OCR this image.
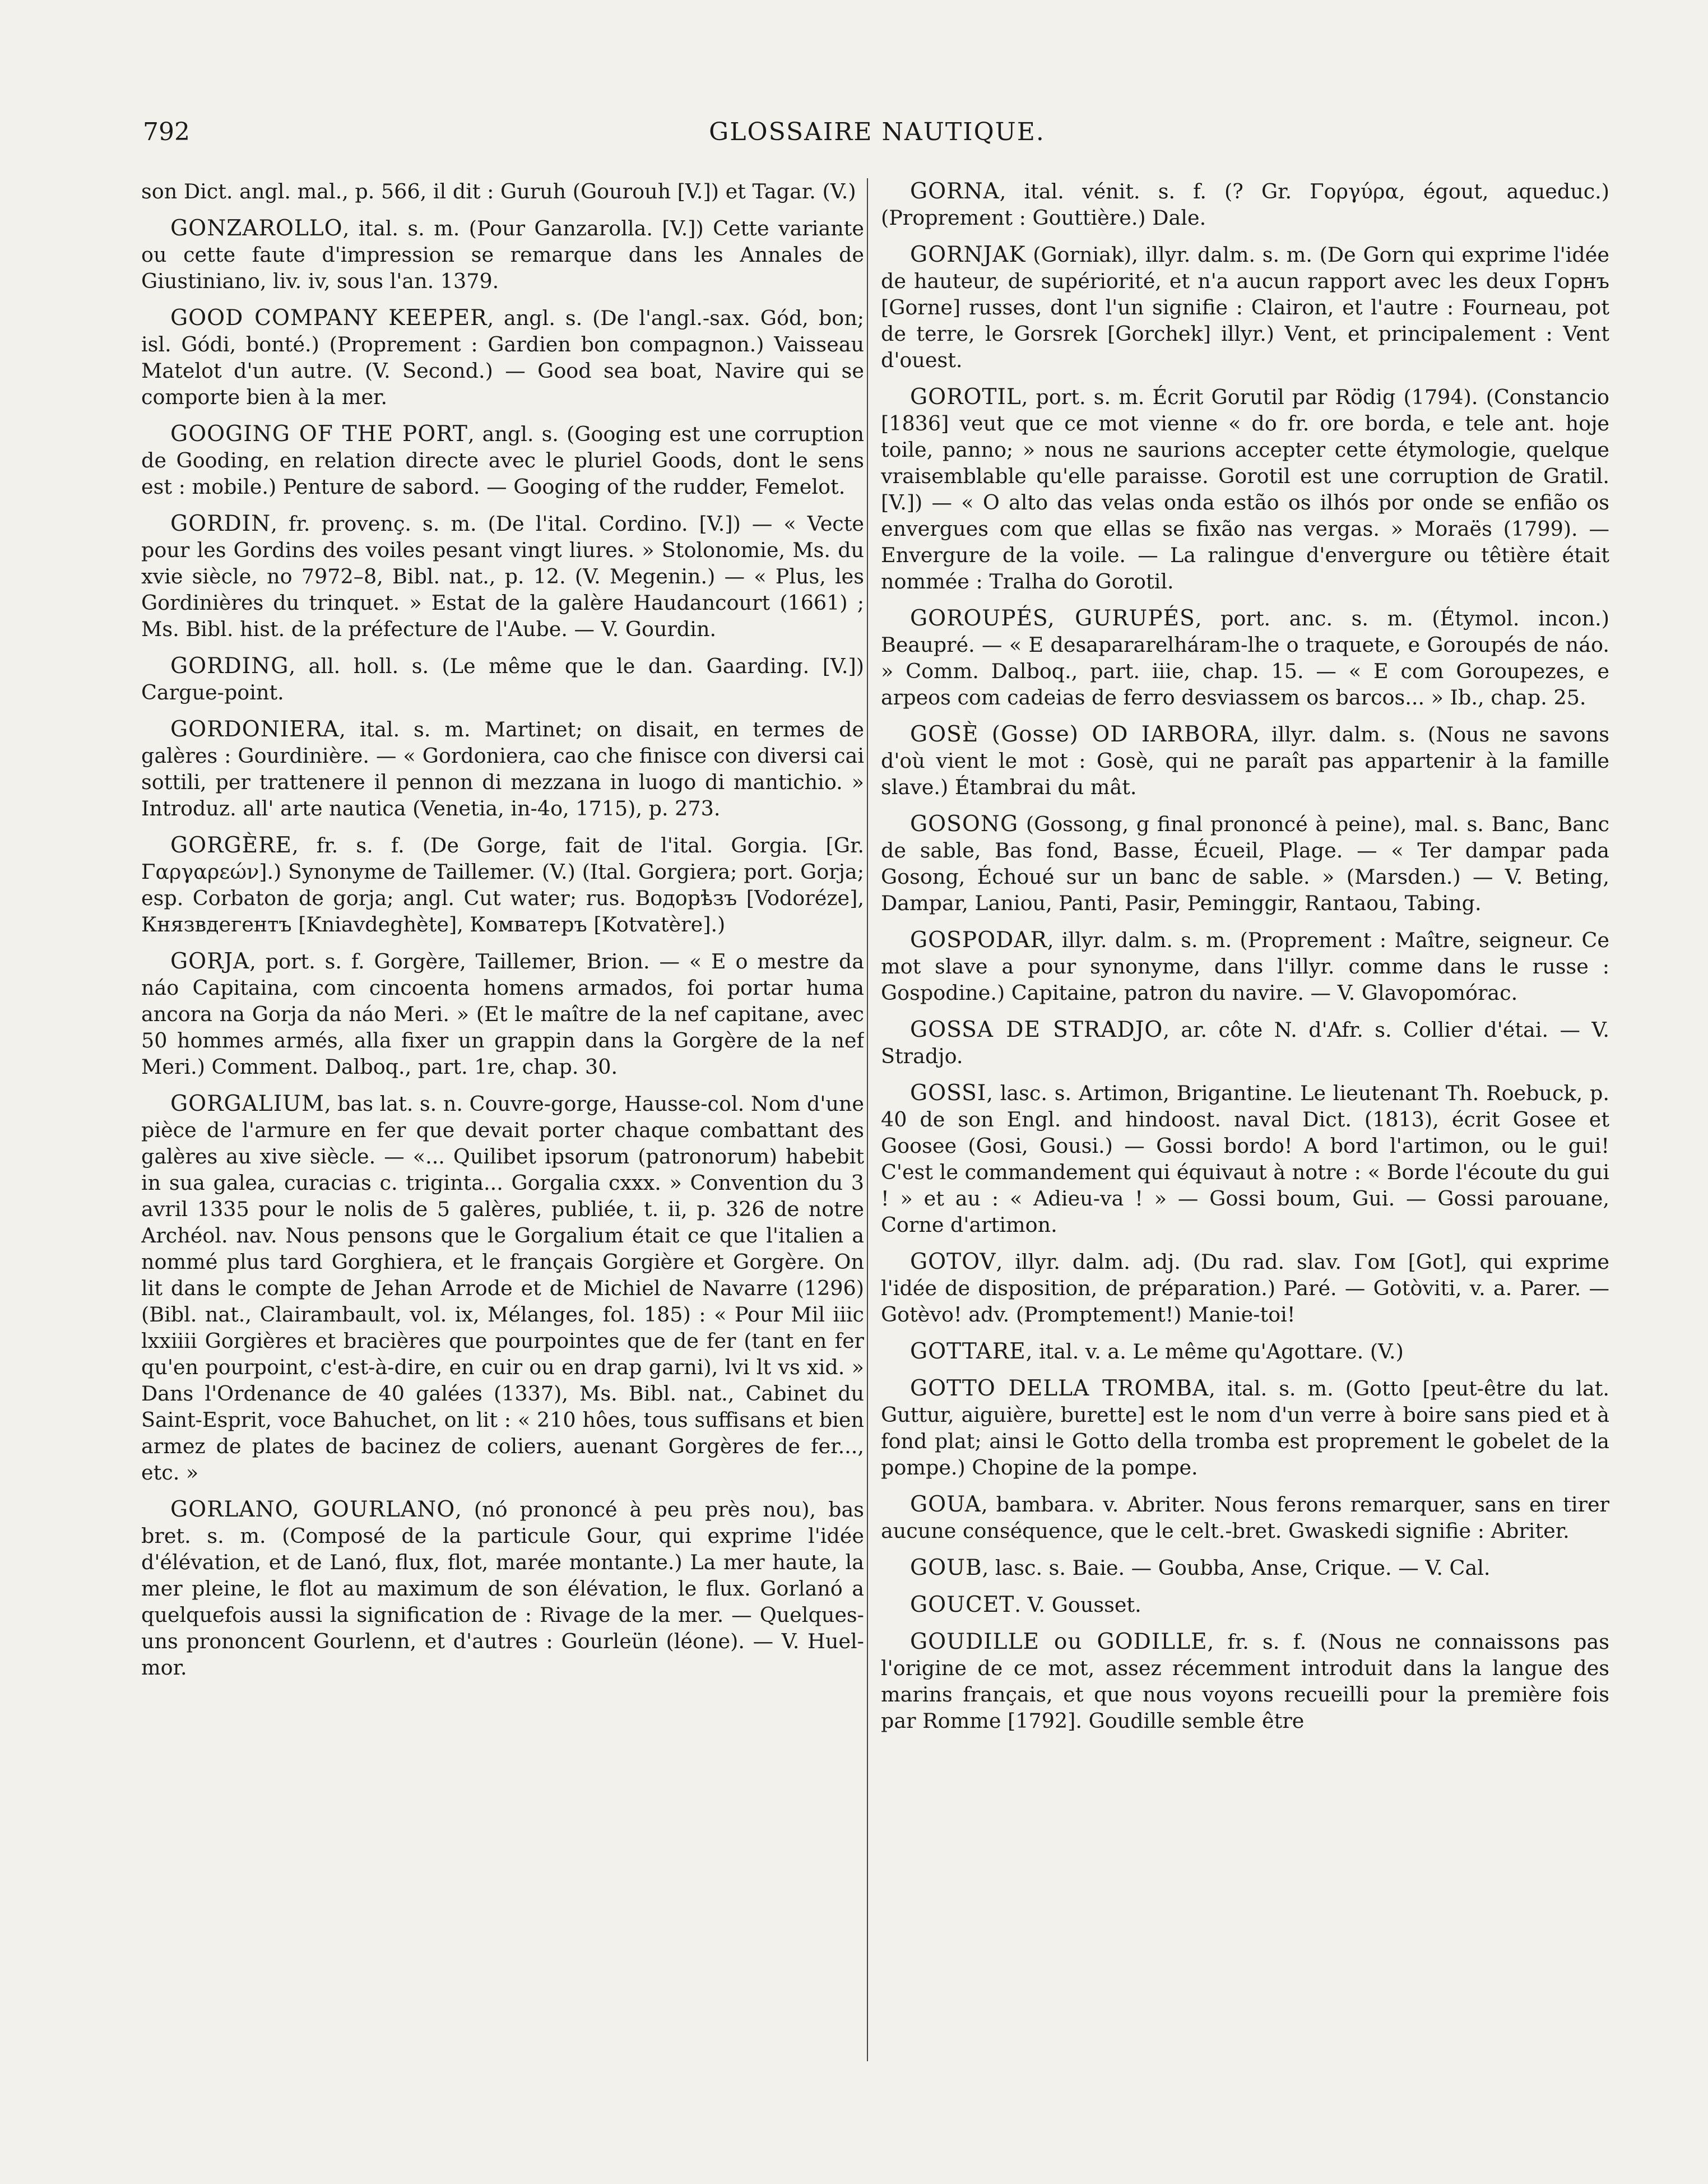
792	GLOSSAIRE NAUTIQUE.

son Dict. angl. mal., p. 566, il dit : Guruh (Gourouh [V.]) et Tagar. (V.)

GONZAROLLO, ital. s. m. (Pour Ganzarolla. [V.]) Cette variante ou cette faute d'impression se remarque dans les Annales de Giustiniano, liv. iv, sous l'an. 1379.

GOOD COMPANY KEEPER, angl. s. (De l'angl.-sax. Gód, bon; isl. Gódi, bonté.) (Proprement : Gardien bon compagnon.) Vaisseau Matelot d'un autre. (V. Second.) — Good sea boat, Navire qui se comporte bien à la mer.

GOOGING OF THE PORT, angl. s. (Googing est une corruption de Gooding, en relation directe avec le pluriel Goods, dont le sens est : mobile.) Penture de sabord. — Googing of the rudder, Femelot.

GORDIN, fr. provenç. s. m. (De l'ital. Cordino. [V.]) — « Vecte pour les Gordins des voiles pesant vingt liures. » Stolonomie, Ms. du xvie siècle, no 7972–8, Bibl. nat., p. 12. (V. Megenin.) — « Plus, les Gordinières du trinquet. » Estat de la galère Haudancourt (1661) ; Ms. Bibl. hist. de la préfecture de l'Aube. — V. Gourdin.

GORDING, all. holl. s. (Le même que le dan. Gaarding. [V.]) Cargue-point.

GORDONIERA, ital. s. m. Martinet; on disait, en termes de galères : Gourdinière. — « Gordoniera, cao che finisce con diversi cai sottili, per trattenere il pennon di mezzana in luogo di mantichio. » Introduz. all' arte nautica (Venetia, in-4o, 1715), p. 273.

GORGÈRE, fr. s. f. (De Gorge, fait de l'ital. Gorgia. [Gr. Γαργαρεών].) Synonyme de Taillemer. (V.) (Ital. Gorgiera; port. Gorja; esp. Corbaton de gorja; angl. Cut water; rus. Водорѣзъ [Vodoréze], Князвдегентъ [Kniavdeghète], Комватеръ [Kotvatère].)

GORJA, port. s. f. Gorgère, Taillemer, Brion. — « E o mestre da náo Capitaina, com cincoenta homens armados, foi portar huma ancora na Gorja da náo Meri. » (Et le maître de la nef capitane, avec 50 hommes armés, alla fixer un grappin dans la Gorgère de la nef Meri.) Comment. Dalboq., part. 1re, chap. 30.

GORGALIUM, bas lat. s. n. Couvre-gorge, Hausse-col. Nom d'une pièce de l'armure en fer que devait porter chaque combattant des galères au xive siècle. — «... Quilibet ipsorum (patronorum) habebit in sua galea, curacias c. triginta... Gorgalia cxxx. » Convention du 3 avril 1335 pour le nolis de 5 galères, publiée, t. ii, p. 326 de notre Archéol. nav. Nous pensons que le Gorgalium était ce que l'italien a nommé plus tard Gorghiera, et le français Gorgière et Gorgère. On lit dans le compte de Jehan Arrode et de Michiel de Navarre (1296) (Bibl. nat., Clairambault, vol. ix, Mélanges, fol. 185) : « Pour Mil iiic lxxiiii Gorgières et bracières que pourpointes que de fer (tant en fer qu'en pourpoint, c'est-à-dire, en cuir ou en drap garni), lvi lt vs xid. » Dans l'Ordenance de 40 galées (1337), Ms. Bibl. nat., Cabinet du Saint-Esprit, voce Bahuchet, on lit : « 210 hôes, tous suffisans et bien armez de plates de bacinez de coliers, auenant Gorgères de fer..., etc. »

GORLANO, GOURLANO, (nó prononcé à peu près nou), bas bret. s. m. (Composé de la particule Gour, qui exprime l'idée d'élévation, et de Lanó, flux, flot, marée montante.) La mer haute, la mer pleine, le flot au maximum de son élévation, le flux. Gorlanó a quelquefois aussi la signification de : Rivage de la mer. — Quelques-uns prononcent Gourlenn, et d'autres : Gourleün (léone). — V. Huel-mor.

GORNA, ital. vénit. s. f. (? Gr. Γοργύρα, égout, aqueduc.) (Proprement : Gouttière.) Dale.

GORNJAK (Gorniak), illyr. dalm. s. m. (De Gorn qui exprime l'idée de hauteur, de supériorité, et n'a aucun rapport avec les deux Горнъ [Gorne] russes, dont l'un signifie : Clairon, et l'autre : Fourneau, pot de terre, le Gorsrek [Gorchek] illyr.) Vent, et principalement : Vent d'ouest.

GOROTIL, port. s. m. Écrit Gorutil par Rödig (1794). (Constancio [1836] veut que ce mot vienne « do fr. ore borda, e tele ant. hoje toile, panno; » nous ne saurions accepter cette étymologie, quelque vraisemblable qu'elle paraisse. Gorotil est une corruption de Gratil. [V.]) — « O alto das velas onda estão os ilhós por onde se enfião os envergues com que ellas se fixão nas vergas. » Moraës (1799). — Envergure de la voile. — La ralingue d'envergure ou têtière était nommée : Tralha do Gorotil.

GOROUPÉS, GURUPÉS, port. anc. s. m. (Étymol. incon.) Beaupré. — « E desapararelháram-lhe o traquete, e Goroupés de náo. » Comm. Dalboq., part. iiie, chap. 15. — « E com Goroupezes, e arpeos com cadeias de ferro desviassem os barcos... » Ib., chap. 25.

GOSÈ (Gosse) OD IARBORA, illyr. dalm. s. (Nous ne savons d'où vient le mot : Gosè, qui ne paraît pas appartenir à la famille slave.) Étambrai du mât.

GOSONG (Gossong, g final prononcé à peine), mal. s. Banc, Banc de sable, Bas fond, Basse, Écueil, Plage. — « Ter dampar pada Gosong, Échoué sur un banc de sable. » (Marsden.) — V. Beting, Dampar, Laniou, Panti, Pasir, Peminggir, Rantaou, Tabing.

GOSPODAR, illyr. dalm. s. m. (Proprement : Maître, seigneur. Ce mot slave a pour synonyme, dans l'illyr. comme dans le russe : Gospodine.) Capitaine, patron du navire. — V. Glavopomórac.

GOSSA DE STRADJO, ar. côte N. d'Afr. s. Collier d'étai. — V. Stradjo.

GOSSI, lasc. s. Artimon, Brigantine. Le lieutenant Th. Roebuck, p. 40 de son Engl. and hindoost. naval Dict. (1813), écrit Gosee et Goosee (Gosi, Gousi.) — Gossi bordo! A bord l'artimon, ou le gui! C'est le commandement qui équivaut à notre : « Borde l'écoute du gui ! » et au : « Adieu-va ! » — Gossi boum, Gui. — Gossi parouane, Corne d'artimon.

GOTOV, illyr. dalm. adj. (Du rad. slav. Гом [Got], qui exprime l'idée de disposition, de préparation.) Paré. — Gotòviti, v. a. Parer. — Gotèvo! adv. (Promptement!) Manie-toi!

GOTTARE, ital. v. a. Le même qu'Agottare. (V.)

GOTTO DELLA TROMBA, ital. s. m. (Gotto [peut-être du lat. Guttur, aiguière, burette] est le nom d'un verre à boire sans pied et à fond plat; ainsi le Gotto della tromba est proprement le gobelet de la pompe.) Chopine de la pompe.

GOUA, bambara. v. Abriter. Nous ferons remarquer, sans en tirer aucune conséquence, que le celt.-bret. Gwaskedi signifie : Abriter.

GOUB, lasc. s. Baie. — Goubba, Anse, Crique. — V. Cal.

GOUCET. V. Gousset.

GOUDILLE ou GODILLE, fr. s. f. (Nous ne connaissons pas l'origine de ce mot, assez récemment introduit dans la langue des marins français, et que nous voyons recueilli pour la première fois par Romme [1792]. Goudille semble être
